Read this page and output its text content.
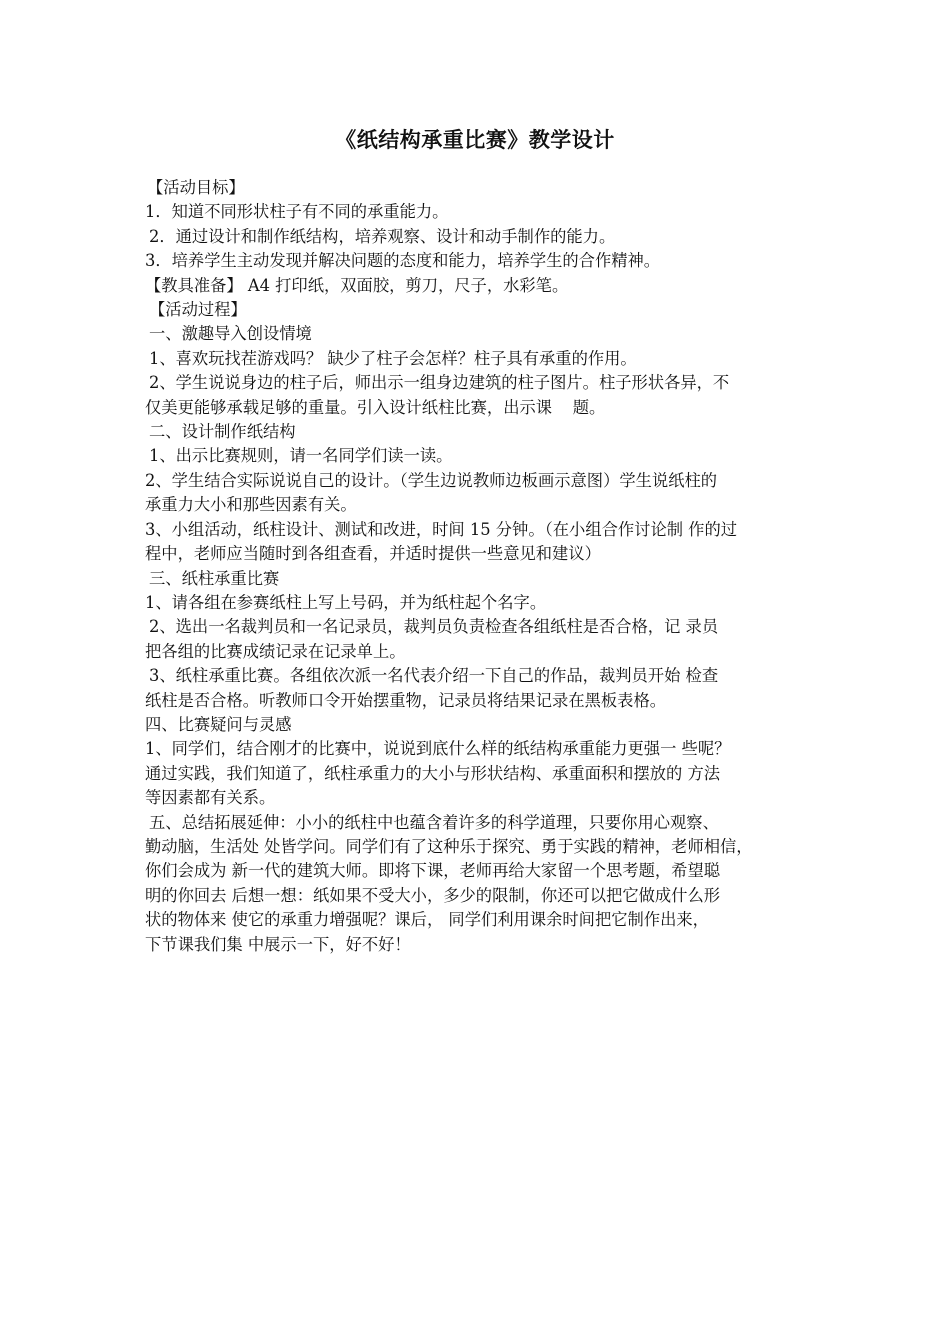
《纸结构承重比赛》教学设计
【活动目标】
1．知道不同形状柱子有不同的承重能力。
2．通过设计和制作纸结构，培养观察、设计和动手制作的能力。
3．培养学生主动发现并解决问题的态度和能力，培养学生的合作精神。
【教具准备】 A4 打印纸，双面胶，剪刀，尺子，水彩笔。
【活动过程】
一、激趣导入创设情境
1、喜欢玩找茬游戏吗？ 缺少了柱子会怎样？柱子具有承重的作用。
2、学生说说身边的柱子后，师出示一组身边建筑的柱子图片。柱子形状各异，不
仅美更能够承载足够的重量。引入设计纸柱比赛，出示课    题。
二、设计制作纸结构
1、出示比赛规则，请一名同学们读一读。
2、学生结合实际说说自己的设计。（学生边说教师边板画示意图）学生说纸柱的
承重力大小和那些因素有关。
3、小组活动，纸柱设计、测试和改进，时间 15 分钟。（在小组合作讨论制 作的过
程中，老师应当随时到各组查看，并适时提供一些意见和建议）
三、纸柱承重比赛
1、请各组在参赛纸柱上写上号码，并为纸柱起个名字。
2、选出一名裁判员和一名记录员，裁判员负责检查各组纸柱是否合格，记 录员
把各组的比赛成绩记录在记录单上。
3、纸柱承重比赛。各组依次派一名代表介绍一下自己的作品，裁判员开始 检查
纸柱是否合格。听教师口令开始摆重物，记录员将结果记录在黑板表格。
四、比赛疑问与灵感
1、同学们，结合刚才的比赛中，说说到底什么样的纸结构承重能力更强一 些呢？
通过实践，我们知道了，纸柱承重力的大小与形状结构、承重面积和摆放的 方法
等因素都有关系。
五、总结拓展延伸：小小的纸柱中也蕴含着许多的科学道理，只要你用心观察、
勤动脑，生活处 处皆学问。同学们有了这种乐于探究、勇于实践的精神，老师相信，
你们会成为 新一代的建筑大师。即将下课，老师再给大家留一个思考题，希望聪
明的你回去 后想一想：纸如果不受大小，多少的限制，你还可以把它做成什么形
状的物体来 使它的承重力增强呢？课后， 同学们利用课余时间把它制作出来，
下节课我们集 中展示一下，好不好！
